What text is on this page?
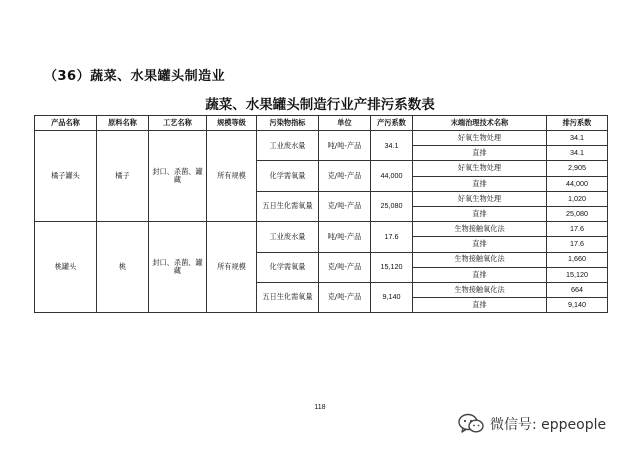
（36）蔬菜、水果罐头制造业
蔬菜、水果罐头制造行业产排污系数表
产品名称	原料名称	工艺名称	规模等级	污染物指标	单位	产污系数	末端治理技术名称	排污系数
橘子罐头	橘子	封口、杀菌、罐藏	所有规模	工业废水量	吨/吨-产品	34.1	好氧生物处理	34.1
							直排	34.1
				化学需氧量	克/吨-产品	44,000	好氧生物处理	2,905
							直排	44,000
				五日生化需氧量	克/吨-产品	25,080	好氧生物处理	1,020
							直排	25,080
桃罐头	桃	封口、杀菌、罐藏	所有规模	工业废水量	吨/吨-产品	17.6	生物接触氧化法	17.6
							直排	17.6
				化学需氧量	克/吨-产品	15,120	生物接触氧化法	1,660
							直排	15,120
				五日生化需氧量	克/吨-产品	9,140	生物接触氧化法	664
							直排	9,140
118
微信号: eppeople
